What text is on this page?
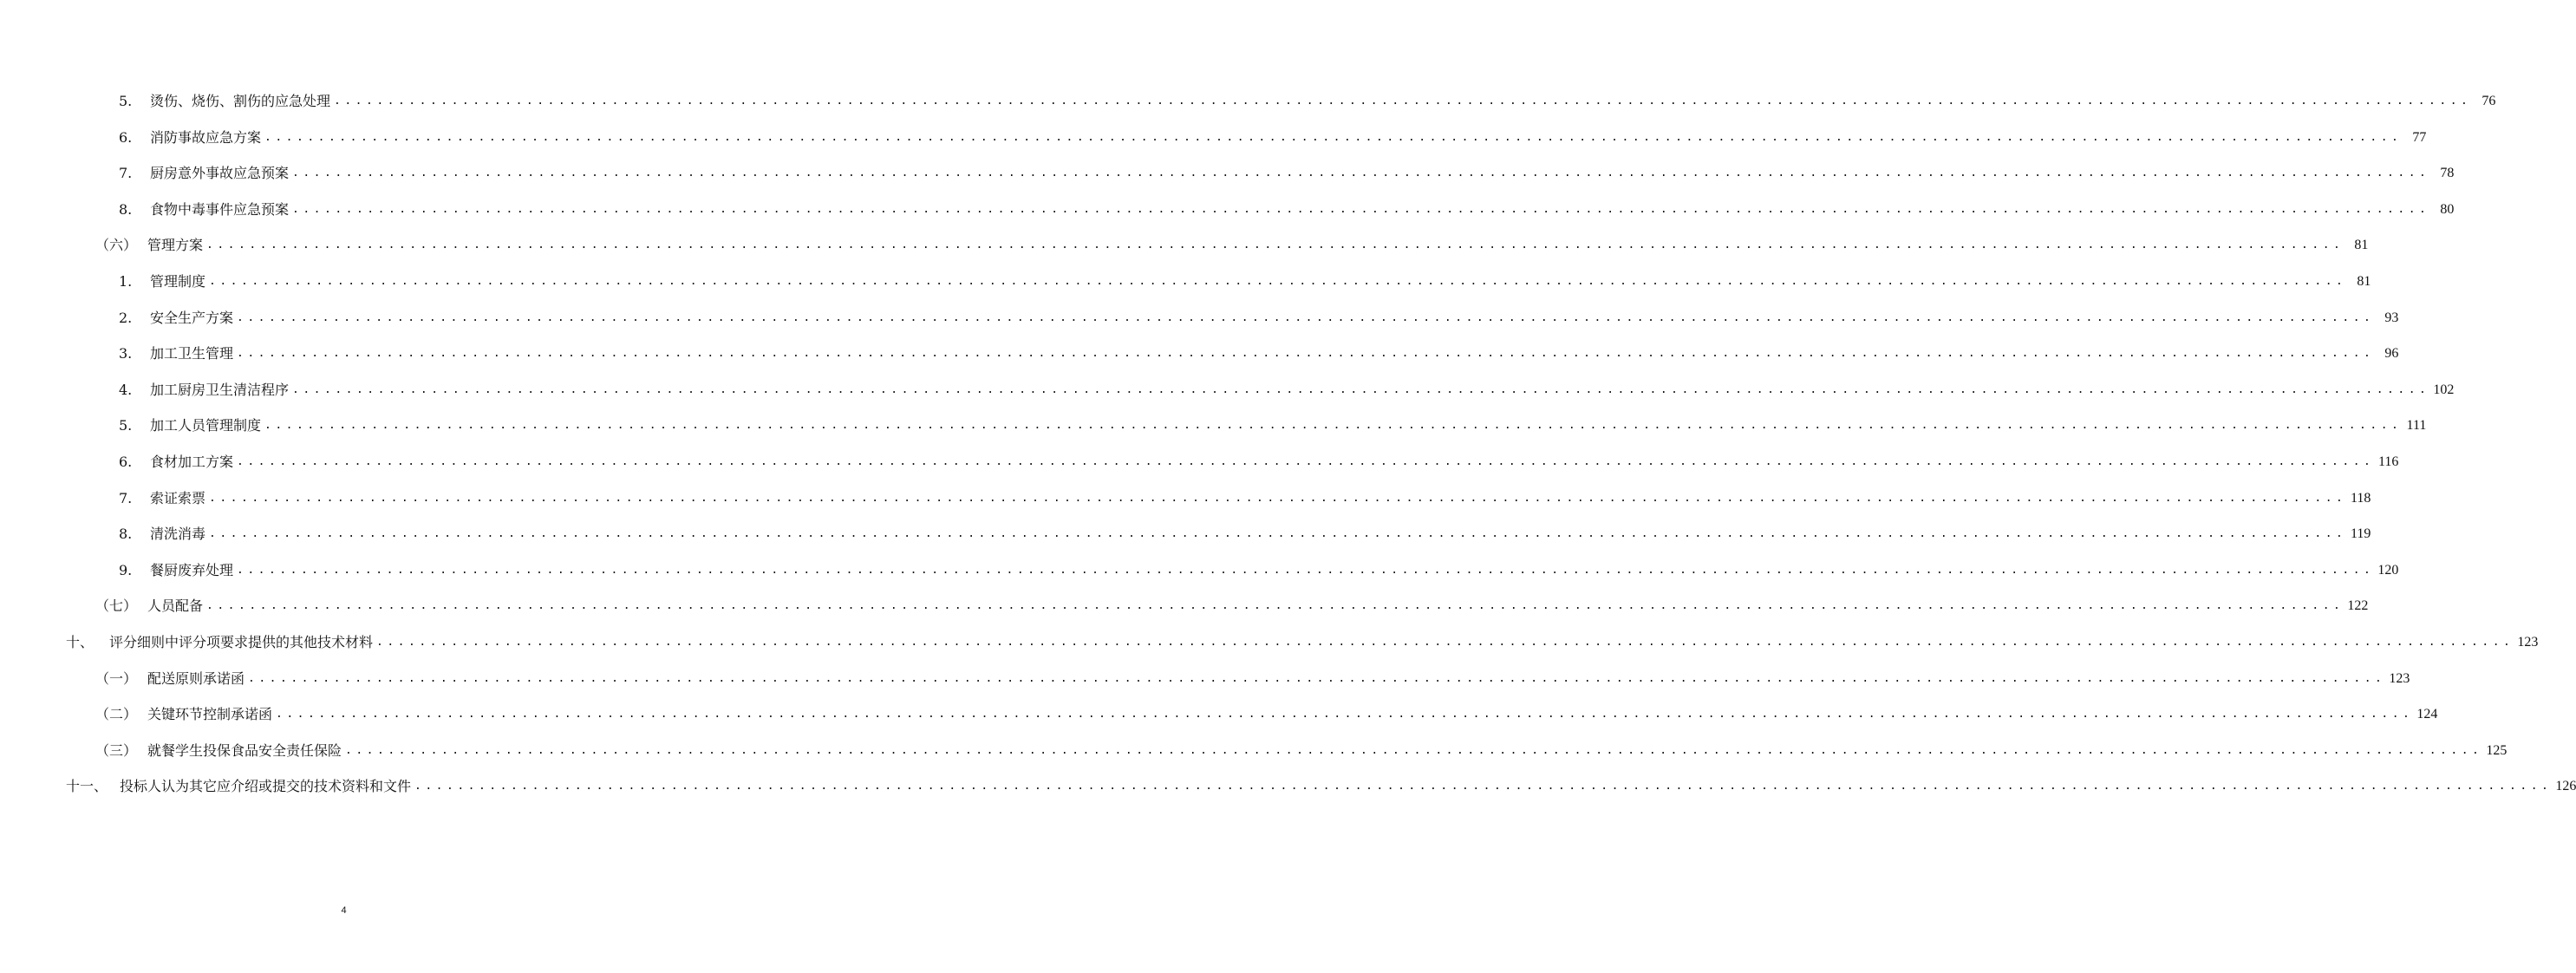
5.	烫伤、烧伤、割伤的应急处理 ........................................................................................................................................................................................................ 76
6.	消防事故应急方案 ........................................................................................................................................................................................................ 77
7.	厨房意外事故应急预案 ........................................................................................................................................................................................................ 78
8.	食物中毒事件应急预案 ........................................................................................................................................................................................................ 80
（六） 管理方案 ........................................................................................................................................................................................................ 81
1.	管理制度 ........................................................................................................................................................................................................ 81
2.	安全生产方案 ........................................................................................................................................................................................................ 93
3.	加工卫生管理 ........................................................................................................................................................................................................ 96
4.	加工厨房卫生清洁程序 ........................................................................................................................................................................................................ 102
5.	加工人员管理制度 ........................................................................................................................................................................................................ 111
6.	食材加工方案 ........................................................................................................................................................................................................ 116
7.	索证索票 ........................................................................................................................................................................................................ 118
8.	清洗消毒 ........................................................................................................................................................................................................ 119
9.	餐厨废弃处理 ........................................................................................................................................................................................................ 120
（七） 人员配备 ........................................................................................................................................................................................................ 122
十、	评分细则中评分项要求提供的其他技术材料 ........................................................................................................................................................................................................ 123
（一） 配送原则承诺函 ........................................................................................................................................................................................................ 123
（二） 关键环节控制承诺函 ........................................................................................................................................................................................................ 124
（三） 就餐学生投保食品安全责任保险 ........................................................................................................................................................................................................ 125
十一、 投标人认为其它应介绍或提交的技术资料和文件 ........................................................................................................................................................................................................ 126
4
